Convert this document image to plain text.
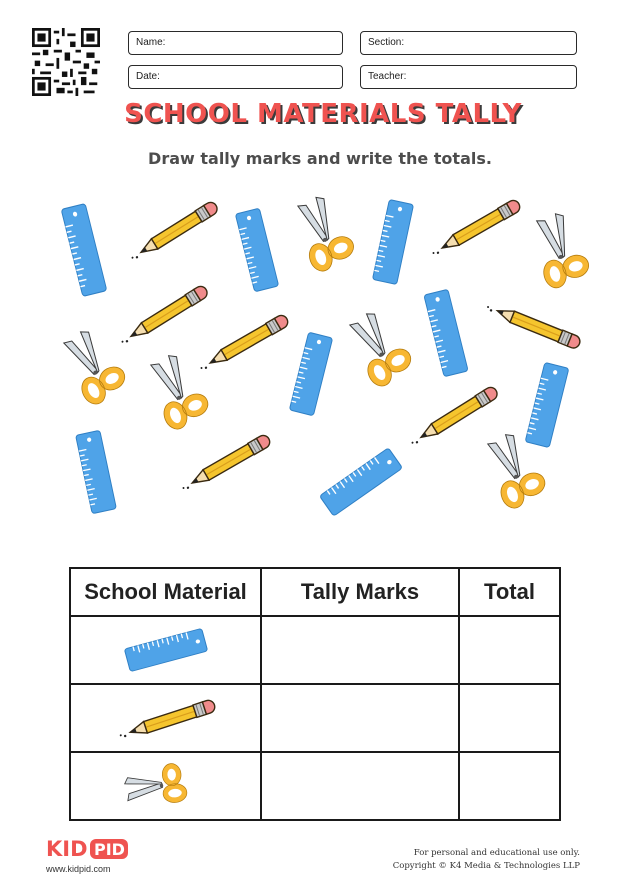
Name:	Section:
Date:	Teacher:
SCHOOL MATERIALS TALLY
Draw tally marks and write the totals.
School Material	Tally Marks	Total

KID PID
www.kidpid.com
For personal and educational use only.
Copyright © K4 Media & Technologies LLP
